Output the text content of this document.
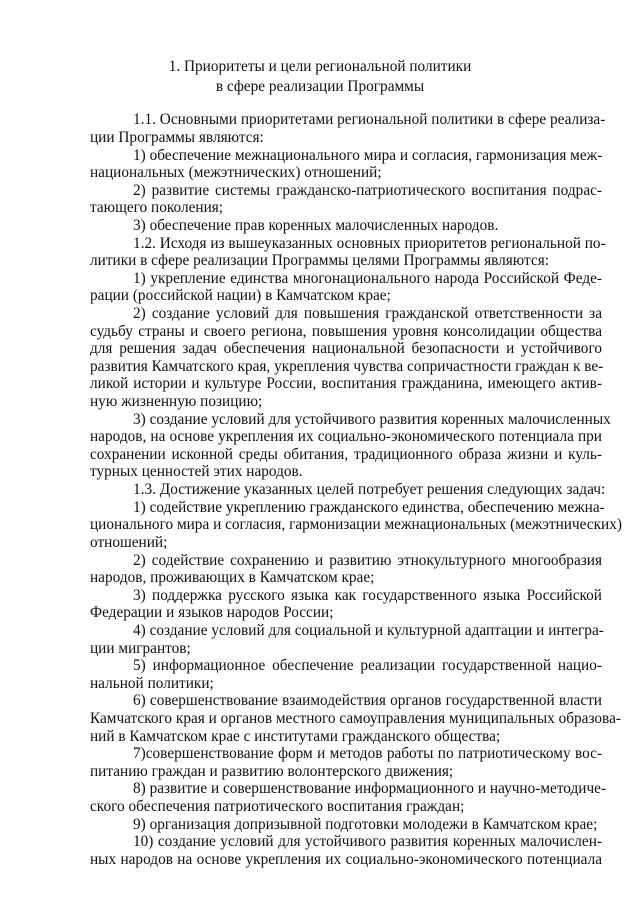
1. Приоритеты и цели региональной политики
в сфере реализации Программы
1.1. Основными приоритетами региональной политики в сфере реализа-
ции Программы являются:
1) обеспечение межнационального мира и согласия, гармонизация меж-
национальных (межэтнических) отношений;
2) развитие системы гражданско-патриотического воспитания подрас-
тающего поколения;
3) обеспечение прав коренных малочисленных народов.
1.2. Исходя из вышеуказанных основных приоритетов региональной по-
литики в сфере реализации Программы целями Программы являются:
1) укрепление единства многонационального народа Российской Феде-
рации (российской нации) в Камчатском крае;
2) создание условий для повышения гражданской ответственности за
судьбу страны и своего региона, повышения уровня консолидации общества
для решения задач обеспечения национальной безопасности и устойчивого
развития Камчатского края, укрепления чувства сопричастности граждан к ве-
ликой истории и культуре России, воспитания гражданина, имеющего актив-
ную жизненную позицию;
3) создание условий для устойчивого развития коренных малочисленных
народов, на основе укрепления их социально-экономического потенциала при
сохранении исконной среды обитания, традиционного образа жизни и куль-
турных ценностей этих народов.
1.3. Достижение указанных целей потребует решения следующих задач:
1) содействие укреплению гражданского единства, обеспечению межна-
ционального мира и согласия, гармонизации межнациональных (межэтнических)
отношений;
2) содействие сохранению и развитию этнокультурного многообразия
народов, проживающих в Камчатском крае;
3) поддержка русского языка как государственного языка Российской
Федерации и языков народов России;
4) создание условий для социальной и культурной адаптации и интегра-
ции мигрантов;
5) информационное обеспечение реализации государственной нацио-
нальной политики;
6) совершенствование взаимодействия органов государственной власти
Камчатского края и органов местного самоуправления муниципальных образова-
ний в Камчатском крае с институтами гражданского общества;
7)совершенствование форм и методов работы по патриотическому вос-
питанию граждан и развитию волонтерского движения;
8) развитие и совершенствование информационного и научно-методиче-
ского обеспечения патриотического воспитания граждан;
9) организация допризывной подготовки молодежи в Камчатском крае;
10) создание условий для устойчивого развития коренных малочислен-
ных народов на основе укрепления их социально-экономического потенциала
